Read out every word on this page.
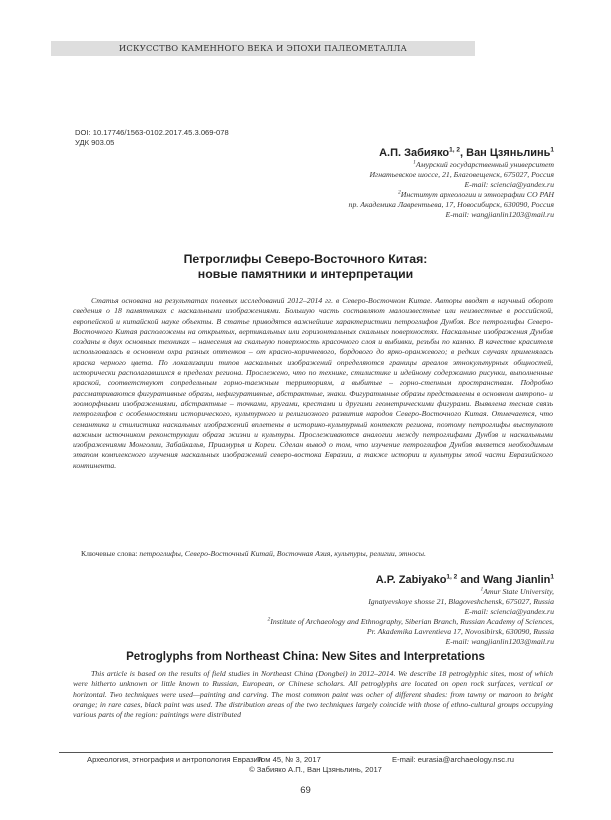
ИСКУССТВО КАМЕННОГО ВЕКА И ЭПОХИ ПАЛЕОМЕТАЛЛА
DOI: 10.17746/1563-0102.2017.45.3.069-078
УДК 903.05
А.П. Забияко$^{1, 2}$, Ван Цзяньлинь$^1$
$^1$Амурский государственный университет
Игнатьевское шоссе, 21, Благовещенск, 675027, Россия
E-mail: sciencia@yandex.ru
$^2$Институт археологии и этнографии СО РАН
пр. Академика Лаврентьева, 17, Новосибирск, 630090, Россия
E-mail: wangjianlin1203@mail.ru
Петроглифы Северо-Восточного Китая:
новые памятники и интерпретации

Статья основана на результатах полевых исследований 2012–2014 гг. в Северо-Восточном Китае. Авторы вводят в научный оборот сведения о 18 памятниках с наскальными изображениями. Большую часть составляют малоизвестные или неизвестные в российской, европейской и китайской науке объекты. В статье приводятся важнейшие характеристики петроглифов Дунбэя. Все петроглифы Северо-Восточного Китая расположены на открытых, вертикальных или горизонтальных скальных поверхностях. Наскальные изображения Дунбэя созданы в двух основных техниках – нанесения на скальную поверхность красочного слоя и выбивки, резьбы по камню. В качестве красителя использовалась в основном охра разных оттенков – от красно-коричневого, бордового до ярко-оранжевого; в редких случаях применялась краска черного цвета. По локализации типов наскальных изображений определяются границы ареалов этнокультурных общностей, исторически располагавшихся в пределах региона. Прослежено, что по технике, стилистике и идейному содержанию рисунки, выполненные краской, соответствуют сопредельным горно-таежным территориям, а выбитые – горно-степным пространствам. Подробно рассматриваются фигуративные образы, нефигуративные, абстрактные, знаки. Фигуративные образы представлены в основном антропо- и зооморфными изображениями, абстрактные – точками, кругами, крестами и другими геометрическими фигурами. Выявлена тесная связь петроглифов с особенностями исторического, культурного и религиозного развития народов Северо-Восточного Китая. Отмечается, что семантика и стилистика наскальных изображений вплетены в историко-культурный контекст региона, поэтому петроглифы выступают важным источником реконструкции образа жизни и культуры. Прослеживаются аналогии между петроглифами Дунбэя и наскальными изображениями Монголии, Забайкалья, Приамурья и Кореи. Сделан вывод о том, что изучение петроглифов Дунбэя является необходимым этапом комплексного изучения наскальных изображений северо-востока Евразии, а также истории и культуры этой части Евразийского континента.

Ключевые слова: петроглифы, Северо-Восточный Китай, Восточная Азия, культуры, религии, этносы.
A.P. Zabiyako$^{1, 2}$ and Wang Jianlin$^1$
$^1$Amur State University,
Ignatyevskoye shosse 21, Blagoveshchensk, 675027, Russia
E-mail: sciencia@yandex.ru
$^2$Institute of Archaeology and Ethnography, Siberian Branch, Russian Academy of Sciences,
Pr. Akademika Lavrentieva 17, Novosibirsk, 630090, Russia
E-mail: wangjianlin1203@mail.ru
Petroglyphs from Northeast China: New Sites and Interpretations

This article is based on the results of field studies in Northeast China (Dongbei) in 2012–2014. We describe 18 petroglyphic sites, most of which were hitherto unknown or little known to Russian, European, or Chinese scholars. All petroglyphs are located on open rock surfaces, vertical or horizontal. Two techniques were used—painting and carving. The most common paint was ocher of different shades: from tawny or maroon to bright orange; in rare cases, black paint was used. The distribution areas of the two techniques largely coincide with those of ethno-cultural groups occupying various parts of the region: paintings were distributed

Археология, этнография и антропология Евразии
Том 45, № 3, 2017	E-mail: eurasia@archaeology.nsc.ru
© Забияко А.П., Ван Цзяньлинь, 2017
69
